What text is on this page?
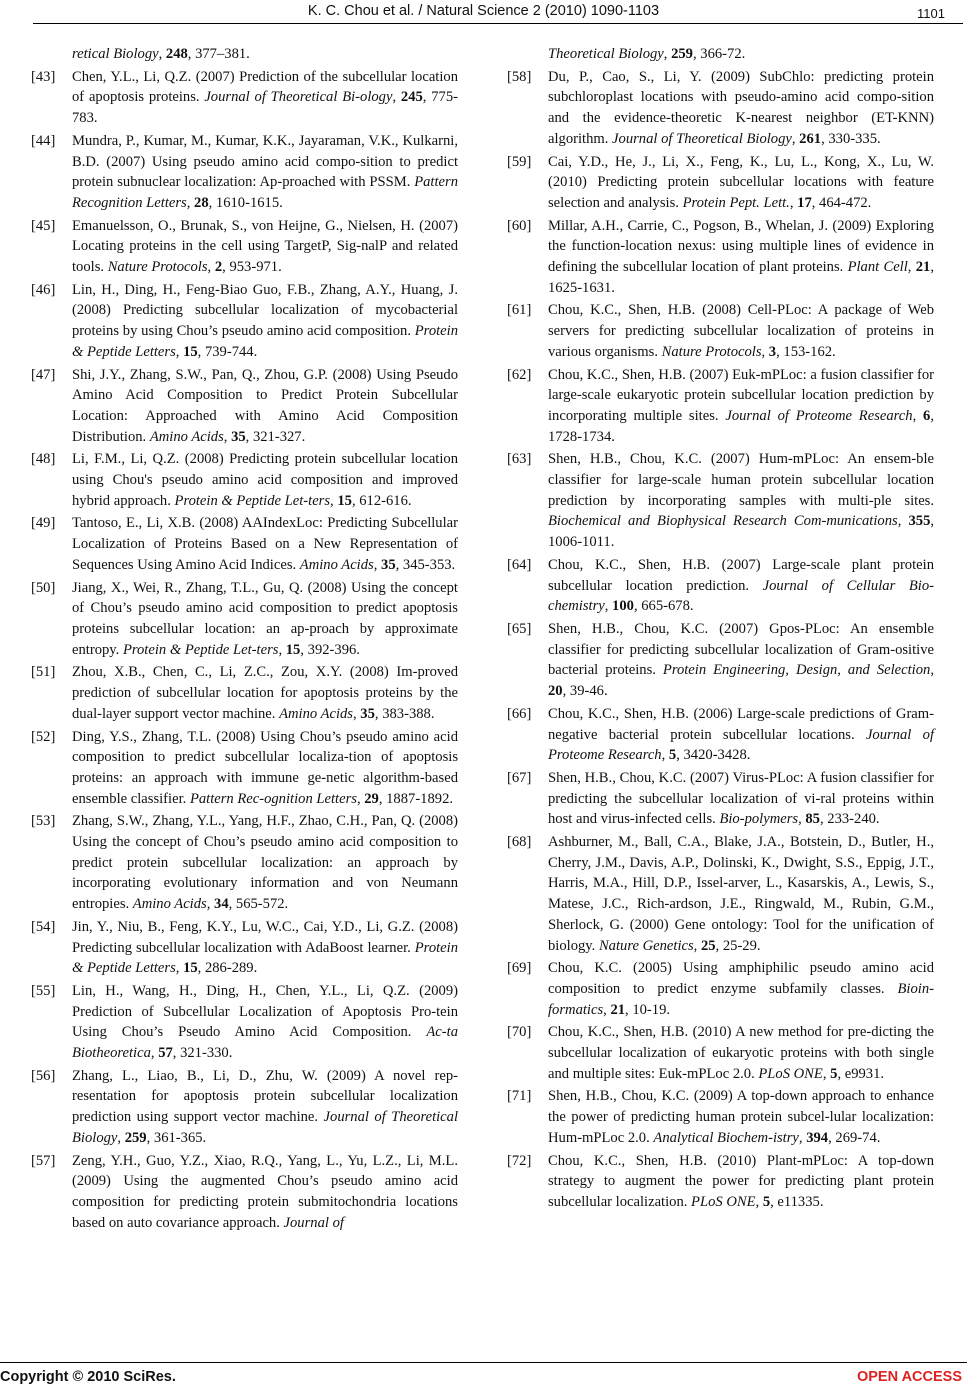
K. C. Chou et al. / Natural Science 2 (2010) 1090-1103	1101
retical Biology, 248, 377–381.
[43] Chen, Y.L., Li, Q.Z. (2007) Prediction of the subcellular location of apoptosis proteins. Journal of Theoretical Bi-ology, 245, 775-783.
[44] Mundra, P., Kumar, M., Kumar, K.K., Jayaraman, V.K., Kulkarni, B.D. (2007) Using pseudo amino acid compo-sition to predict protein subnuclear localization: Ap-proached with PSSM. Pattern Recognition Letters, 28, 1610-1615.
[45] Emanuelsson, O., Brunak, S., von Heijne, G., Nielsen, H. (2007) Locating proteins in the cell using TargetP, Sig-nalP and related tools. Nature Protocols, 2, 953-971.
[46] Lin, H., Ding, H., Feng-Biao Guo, F.B., Zhang, A.Y., Huang, J. (2008) Predicting subcellular localization of mycobacterial proteins by using Chou’s pseudo amino acid composition. Protein & Peptide Letters, 15, 739-744.
[47] Shi, J.Y., Zhang, S.W., Pan, Q., Zhou, G.P. (2008) Using Pseudo Amino Acid Composition to Predict Protein Subcellular Location: Approached with Amino Acid Composition Distribution. Amino Acids, 35, 321-327.
[48] Li, F.M., Li, Q.Z. (2008) Predicting protein subcellular location using Chou's pseudo amino acid composition and improved hybrid approach. Protein & Peptide Let-ters, 15, 612-616.
[49] Tantoso, E., Li, X.B. (2008) AAIndexLoc: Predicting Subcellular Localization of Proteins Based on a New Representation of Sequences Using Amino Acid Indices. Amino Acids, 35, 345-353.
[50] Jiang, X., Wei, R., Zhang, T.L., Gu, Q. (2008) Using the concept of Chou’s pseudo amino acid composition to predict apoptosis proteins subcellular location: an ap-proach by approximate entropy. Protein & Peptide Let-ters, 15, 392-396.
[51] Zhou, X.B., Chen, C., Li, Z.C., Zou, X.Y. (2008) Im-proved prediction of subcellular location for apoptosis proteins by the dual-layer support vector machine. Amino Acids, 35, 383-388.
[52] Ding, Y.S., Zhang, T.L. (2008) Using Chou’s pseudo amino acid composition to predict subcellular localiza-tion of apoptosis proteins: an approach with immune ge-netic algorithm-based ensemble classifier. Pattern Rec-ognition Letters, 29, 1887-1892.
[53] Zhang, S.W., Zhang, Y.L., Yang, H.F., Zhao, C.H., Pan, Q. (2008) Using the concept of Chou’s pseudo amino acid composition to predict protein subcellular localization: an approach by incorporating evolutionary information and von Neumann entropies. Amino Acids, 34, 565-572.
[54] Jin, Y., Niu, B., Feng, K.Y., Lu, W.C., Cai, Y.D., Li, G.Z. (2008) Predicting subcellular localization with AdaBoost learner. Protein & Peptide Letters, 15, 286-289.
[55] Lin, H., Wang, H., Ding, H., Chen, Y.L., Li, Q.Z. (2009) Prediction of Subcellular Localization of Apoptosis Pro-tein Using Chou’s Pseudo Amino Acid Composition. Ac-ta Biotheoretica, 57, 321-330.
[56] Zhang, L., Liao, B., Li, D., Zhu, W. (2009) A novel rep-resentation for apoptosis protein subcellular localization prediction using support vector machine. Journal of Theoretical Biology, 259, 361-365.
[57] Zeng, Y.H., Guo, Y.Z., Xiao, R.Q., Yang, L., Yu, L.Z., Li, M.L. (2009) Using the augmented Chou’s pseudo amino acid composition for predicting protein submitochondria locations based on auto covariance approach. Journal of
Theoretical Biology, 259, 366-72.
[58] Du, P., Cao, S., Li, Y. (2009) SubChlo: predicting protein subchloroplast locations with pseudo-amino acid compo-sition and the evidence-theoretic K-nearest neighbor (ET-KNN) algorithm. Journal of Theoretical Biology, 261, 330-335.
[59] Cai, Y.D., He, J., Li, X., Feng, K., Lu, L., Kong, X., Lu, W. (2010) Predicting protein subcellular locations with feature selection and analysis. Protein Pept. Lett., 17, 464-472.
[60] Millar, A.H., Carrie, C., Pogson, B., Whelan, J. (2009) Exploring the function-location nexus: using multiple lines of evidence in defining the subcellular location of plant proteins. Plant Cell, 21, 1625-1631.
[61] Chou, K.C., Shen, H.B. (2008) Cell-PLoc: A package of Web servers for predicting subcellular localization of proteins in various organisms. Nature Protocols, 3, 153-162.
[62] Chou, K.C., Shen, H.B. (2007) Euk-mPLoc: a fusion classifier for large-scale eukaryotic protein subcellular location prediction by incorporating multiple sites. Journal of Proteome Research, 6, 1728-1734.
[63] Shen, H.B., Chou, K.C. (2007) Hum-mPLoc: An ensem-ble classifier for large-scale human protein subcellular location prediction by incorporating samples with multi-ple sites. Biochemical and Biophysical Research Com-munications, 355, 1006-1011.
[64] Chou, K.C., Shen, H.B. (2007) Large-scale plant protein subcellular location prediction. Journal of Cellular Bio-chemistry, 100, 665-678.
[65] Shen, H.B., Chou, K.C. (2007) Gpos-PLoc: An ensemble classifier for predicting subcellular localization of Gram-ositive bacterial proteins. Protein Engineering, Design, and Selection, 20, 39-46.
[66] Chou, K.C., Shen, H.B. (2006) Large-scale predictions of Gram-negative bacterial protein subcellular locations. Journal of Proteome Research, 5, 3420-3428.
[67] Shen, H.B., Chou, K.C. (2007) Virus-PLoc: A fusion classifier for predicting the subcellular localization of vi-ral proteins within host and virus-infected cells. Bio-polymers, 85, 233-240.
[68] Ashburner, M., Ball, C.A., Blake, J.A., Botstein, D., Butler, H., Cherry, J.M., Davis, A.P., Dolinski, K., Dwight, S.S., Eppig, J.T., Harris, M.A., Hill, D.P., Issel-arver, L., Kasarskis, A., Lewis, S., Matese, J.C., Rich-ardson, J.E., Ringwald, M., Rubin, G.M., Sherlock, G. (2000) Gene ontology: Tool for the unification of biology. Nature Genetics, 25, 25-29.
[69] Chou, K.C. (2005) Using amphiphilic pseudo amino acid composition to predict enzyme subfamily classes. Bioin-formatics, 21, 10-19.
[70] Chou, K.C., Shen, H.B. (2010) A new method for pre-dicting the subcellular localization of eukaryotic proteins with both single and multiple sites: Euk-mPLoc 2.0. PLoS ONE, 5, e9931.
[71] Shen, H.B., Chou, K.C. (2009) A top-down approach to enhance the power of predicting human protein subcel-lular localization: Hum-mPLoc 2.0. Analytical Biochem-istry, 394, 269-74.
[72] Chou, K.C., Shen, H.B. (2010) Plant-mPLoc: A top-down strategy to augment the power for predicting plant protein subcellular localization. PLoS ONE, 5, e11335.
Copyright © 2010 SciRes.	OPEN ACCESS
